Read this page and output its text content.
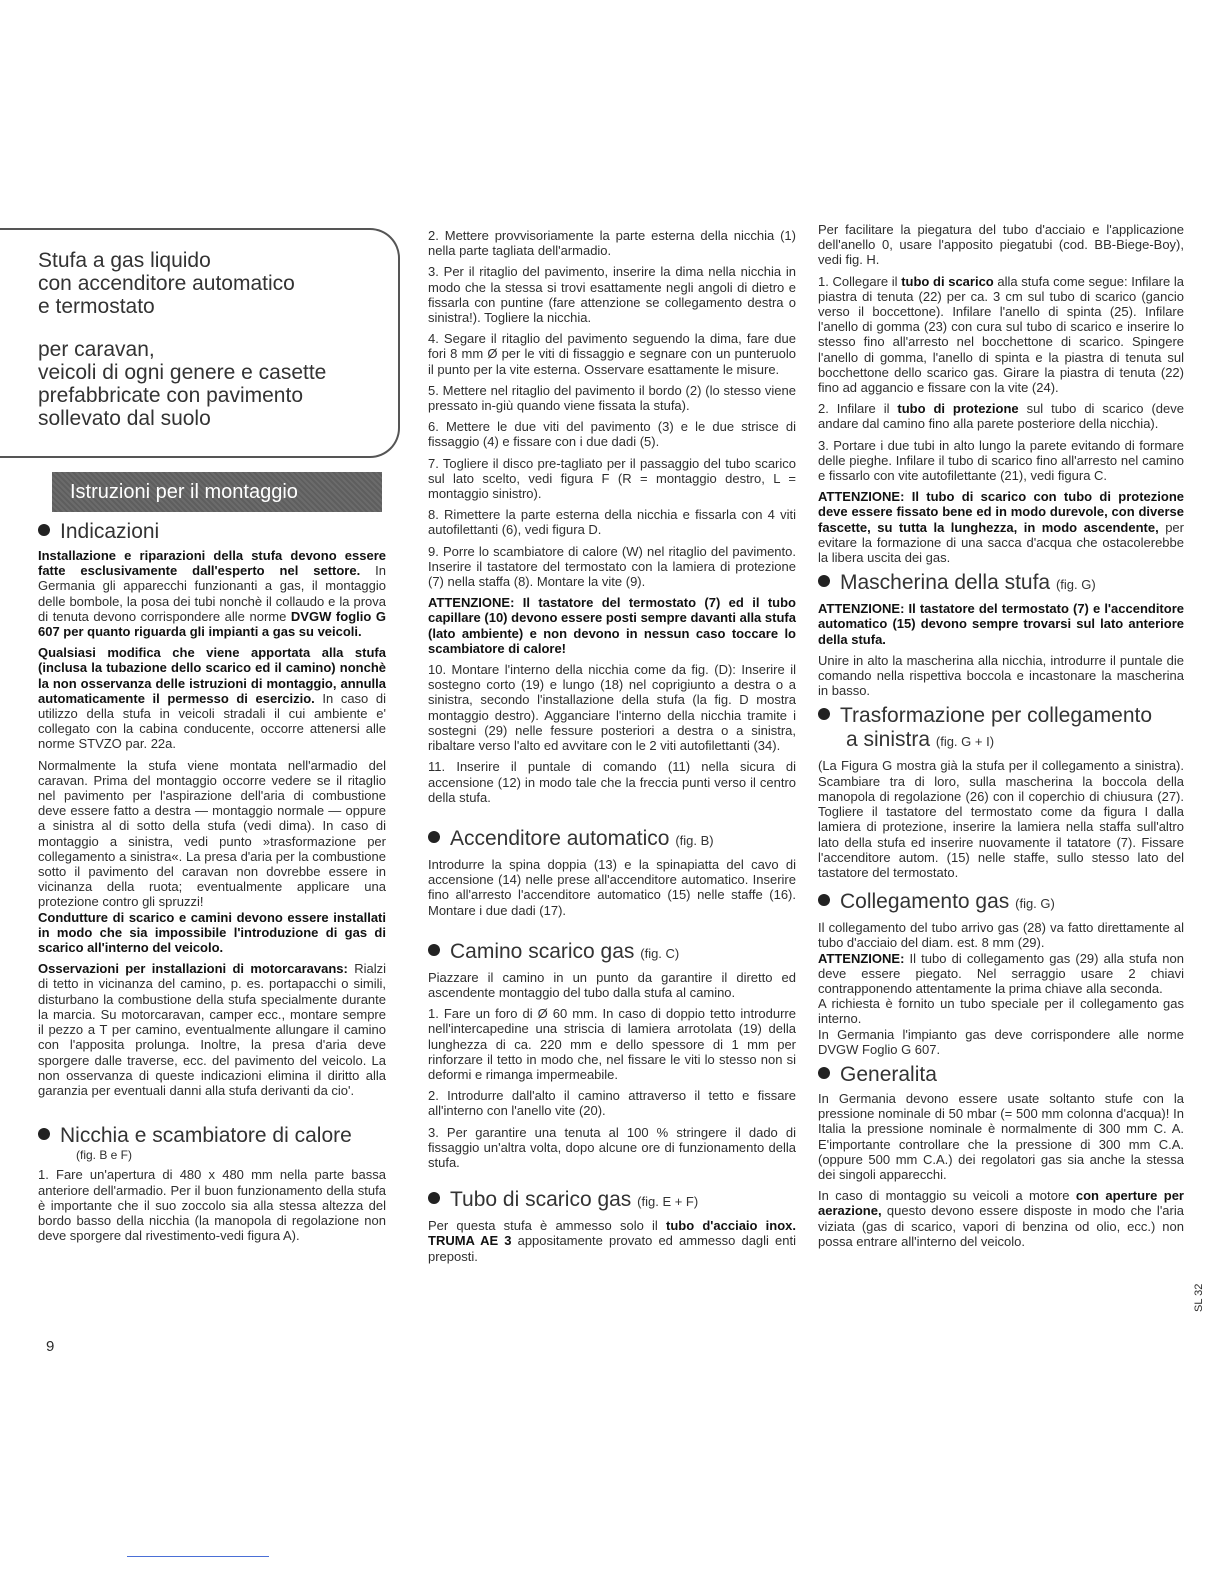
Stufa a gas liquido
con accenditore automatico
e termostato

per caravan,
veicoli di ogni genere e casette
prefabbricate con pavimento
sollevato dal suolo

Istruzioni per il montaggio
Indicazioni

Installazione e riparazioni della stufa devono essere fatte esclusivamente dall'esperto nel settore. In Germania gli apparecchi funzionanti a gas, il montaggio delle bombole, la posa dei tubi nonchè il collaudo e la prova di tenuta devono corrispondere alle norme DVGW foglio G 607 per quanto riguarda gli impianti a gas su veicoli.

Qualsiasi modifica che viene apportata alla stufa (inclusa la tubazione dello scarico ed il camino) nonchè la non osservanza delle istruzioni di montaggio, annulla automaticamente il permesso di esercizio. In caso di utilizzo della stufa in veicoli stradali il cui ambiente e' collegato con la cabina conducente, occorre attenersi alle norme STVZO par. 22a.

Normalmente la stufa viene montata nell'armadio del caravan. Prima del montaggio occorre vedere se il ritaglio nel pavimento per l'aspirazione dell'aria di combustione deve essere fatto a destra — montaggio normale — oppure a sinistra al di sotto della stufa (vedi dima). In caso di montaggio a sinistra, vedi punto »trasformazione per collegamento a sinistra«. La presa d'aria per la combustione sotto il pavimento del caravan non dovrebbe essere in vicinanza della ruota; eventualmente applicare una protezione contro gli spruzzi!

Condutture di scarico e camini devono essere installati in modo che sia impossibile l'introduzione di gas di scarico all'interno del veicolo.

Osservazioni per installazioni di motorcaravans: Rialzi di tetto in vicinanza del camino, p. es. portapacchi o simili, disturbano la combustione della stufa specialmente durante la marcia. Su motorcaravan, camper ecc., montare sempre il pezzo a T per camino, eventualmente allungare il camino con l'apposita prolunga. Inoltre, la presa d'aria deve sporgere dalle traverse, ecc. del pavimento del veicolo. La non osservanza di queste indicazioni elimina il diritto alla garanzia per eventuali danni alla stufa derivanti da cio'.

Nicchia e scambiatore di calore
(fig. B e F)

1. Fare un'apertura di 480 x 480 mm nella parte bassa anteriore dell'armadio. Per il buon funzionamento della stufa è importante che il suo zoccolo sia alla stessa altezza del bordo basso della nicchia (la manopola di regolazione non deve sporgere dal rivestimento-vedi figura A).

2. Mettere provvisoriamente la parte esterna della nicchia (1) nella parte tagliata dell'armadio.

3. Per il ritaglio del pavimento, inserire la dima nella nicchia in modo che la stessa si trovi esattamente negli angoli di dietro e fissarla con puntine (fare attenzione se collegamento destra o sinistra!). Togliere la nicchia.

4. Segare il ritaglio del pavimento seguendo la dima, fare due fori 8 mm Ø per le viti di fissaggio e segnare con un punteruolo il punto per la vite esterna. Osservare esattamente le misure.

5. Mettere nel ritaglio del pavimento il bordo (2) (lo stesso viene pressato in-giù quando viene fissata la stufa).

6. Mettere le due viti del pavimento (3) e le due strisce di fissaggio (4) e fissare con i due dadi (5).

7. Togliere il disco pre-tagliato per il passaggio del tubo scarico sul lato scelto, vedi figura F (R = montaggio destro, L = montaggio sinistro).

8. Rimettere la parte esterna della nicchia e fissarla con 4 viti autofilettanti (6), vedi figura D.

9. Porre lo scambiatore di calore (W) nel ritaglio del pavimento. Inserire il tastatore del termostato con la lamiera di protezione (7) nella staffa (8). Montare la vite (9).

ATTENZIONE: Il tastatore del termostato (7) ed il tubo capillare (10) devono essere posti sempre davanti alla stufa (lato ambiente) e non devono in nessun caso toccare lo scambiatore di calore!

10. Montare l'interno della nicchia come da fig. (D): Inserire il sostegno corto (19) e lungo (18) nel coprigiunto a destra o a sinistra, secondo l'installazione della stufa (la fig. D mostra montaggio destro). Agganciare l'interno della nicchia tramite i sostegni (29) nelle fessure posteriori a destra o a sinistra, ribaltare verso l'alto ed avvitare con le 2 viti autofilettanti (34).

11. Inserire il puntale di comando (11) nella sicura di accensione (12) in modo tale che la freccia punti verso il centro della stufa.

Accenditore automatico (fig. B)

Introdurre la spina doppia (13) e la spinapiatta del cavo di accensione (14) nelle prese all'accenditore automatico. Inserire fino all'arresto l'accenditore automatico (15) nelle staffe (16). Montare i due dadi (17).

Camino scarico gas (fig. C)

Piazzare il camino in un punto da garantire il diretto ed ascendente montaggio del tubo dalla stufa al camino.

1. Fare un foro di Ø 60 mm. In caso di doppio tetto introdurre nell'intercapedine una striscia di lamiera arrotolata (19) della lunghezza di ca. 220 mm e dello spessore di 1 mm per rinforzare il tetto in modo che, nel fissare le viti lo stesso non si deformi e rimanga impermeabile.

2. Introdurre dall'alto il camino attraverso il tetto e fissare all'interno con l'anello vite (20).

3. Per garantire una tenuta al 100 % stringere il dado di fissaggio un'altra volta, dopo alcune ore di funzionamento della stufa.

Tubo di scarico gas (fig. E + F)

Per questa stufa è ammesso solo il tubo d'acciaio inox. TRUMA AE 3 appositamente provato ed ammesso dagli enti preposti.

Per facilitare la piegatura del tubo d'acciaio e l'applicazione dell'anello 0, usare l'apposito piegatubi (cod. BB-Biege-Boy), vedi fig. H.

1. Collegare il tubo di scarico alla stufa come segue: Infilare la piastra di tenuta (22) per ca. 3 cm sul tubo di scarico (gancio verso il boccettone). Infilare l'anello di spinta (25). Infilare l'anello di gomma (23) con cura sul tubo di scarico e inserire lo stesso fino all'arresto nel bocchettone di scarico. Spingere l'anello di gomma, l'anello di spinta e la piastra di tenuta sul bocchettone dello scarico gas. Girare la piastra di tenuta (22) fino ad aggancio e fissare con la vite (24).

2. Infilare il tubo di protezione sul tubo di scarico (deve andare dal camino fino alla parete posteriore della nicchia).

3. Portare i due tubi in alto lungo la parete evitando di formare delle pieghe. Infilare il tubo di scarico fino all'arresto nel camino e fissarlo con vite autofilettante (21), vedi figura C.

ATTENZIONE: Il tubo di scarico con tubo di protezione deve essere fissato bene ed in modo durevole, con diverse fascette, su tutta la lunghezza, in modo ascendente, per evitare la formazione di una sacca d'acqua che ostacolerebbe la libera uscita dei gas.

Mascherina della stufa (fig. G)

ATTENZIONE: Il tastatore del termostato (7) e l'accenditore automatico (15) devono sempre trovarsi sul lato anteriore della stufa.

Unire in alto la mascherina alla nicchia, introdurre il puntale die comando nella rispettiva boccola e incastonare la mascherina in basso.

Trasformazione per collegamento
a sinistra (fig. G + I)

(La Figura G mostra già la stufa per il collegamento a sinistra). Scambiare tra di loro, sulla mascherina la boccola della manopola di regolazione (26) con il coperchio di chiusura (27). Togliere il tastatore del termostato come da figura I dalla lamiera di protezione, inserire la lamiera nella staffa sull'altro lato della stufa ed inserire nuovamente il tatatore (7). Fissare l'accenditore autom. (15) nelle staffe, sullo stesso lato del tastatore del termostato.

Collegamento gas (fig. G)

Il collegamento del tubo arrivo gas (28) va fatto direttamente al tubo d'acciaio del diam. est. 8 mm (29).

ATTENZIONE: Il tubo di collegamento gas (29) alla stufa non deve essere piegato. Nel serraggio usare 2 chiavi contrapponendo attentamente la prima chiave alla seconda.

A richiesta è fornito un tubo speciale per il collegamento gas interno.

In Germania l'impianto gas deve corrispondere alle norme DVGW Foglio G 607.

Generalita

In Germania devono essere usate soltanto stufe con la pressione nominale di 50 mbar (= 500 mm colonna d'acqua)! In Italia la pressione nominale è normalmente di 300 mm C. A. E'importante controllare che la pressione di 300 mm C.A. (oppure 500 mm C.A.) dei regolatori gas sia anche la stessa dei singoli apparecchi.

In caso di montaggio su veicoli a motore con aperture per aerazione, questo devono essere disposte in modo che l'aria viziata (gas di scarico, vapori di benzina od olio, ecc.) non possa entrare all'interno del veicolo.

9
SL 32
